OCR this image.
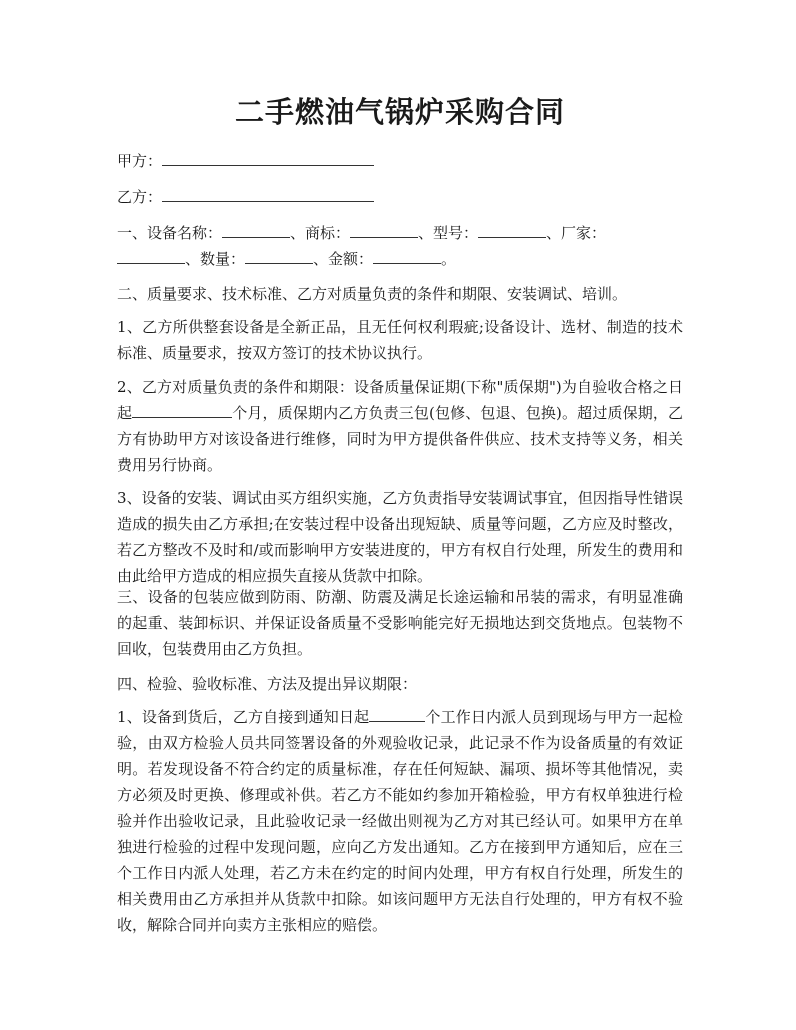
二手燃油气锅炉采购合同
甲方：
乙方：

一、设备名称：	、商标：	、型号：	、厂家：
、数量：	、金额：	。

二、质量要求、技术标准、乙方对质量负责的条件和期限、安装调试、培训。

1、乙方所供整套设备是全新正品，且无任何权利瑕疵;设备设计、选材、制造的技术标准、质量要求，按双方签订的技术协议执行。

2、乙方对质量负责的条件和期限：设备质量保证期(下称"质保期")为自验收合格之日起	个月，质保期内乙方负责三包(包修、包退、包换)。超过质保期，乙方有协助甲方对该设备进行维修，同时为甲方提供备件供应、技术支持等义务，相关费用另行协商。

3、设备的安装、调试由买方组织实施，乙方负责指导安装调试事宜，但因指导性错误造成的损失由乙方承担;在安装过程中设备出现短缺、质量等问题，乙方应及时整改，若乙方整改不及时和/或而影响甲方安装进度的，甲方有权自行处理，所发生的费用和由此给甲方造成的相应损失直接从货款中扣除。

三、设备的包装应做到防雨、防潮、防震及满足长途运输和吊装的需求，有明显准确的起重、装卸标识、并保证设备质量不受影响能完好无损地达到交货地点。包装物不回收，包装费用由乙方负担。

四、检验、验收标准、方法及提出异议期限：

1、设备到货后，乙方自接到通知日起	个工作日内派人员到现场与甲方一起检验，由双方检验人员共同签署设备的外观验收记录，此记录不作为设备质量的有效证明。若发现设备不符合约定的质量标准，存在任何短缺、漏项、损坏等其他情况，卖方必须及时更换、修理或补供。若乙方不能如约参加开箱检验，甲方有权单独进行检验并作出验收记录，且此验收记录一经做出则视为乙方对其已经认可。如果甲方在单独进行检验的过程中发现问题，应向乙方发出通知。乙方在接到甲方通知后，应在三个工作日内派人处理，若乙方未在约定的时间内处理，甲方有权自行处理，所发生的相关费用由乙方承担并从货款中扣除。如该问题甲方无法自行处理的，甲方有权不验收，解除合同并向卖方主张相应的赔偿。
